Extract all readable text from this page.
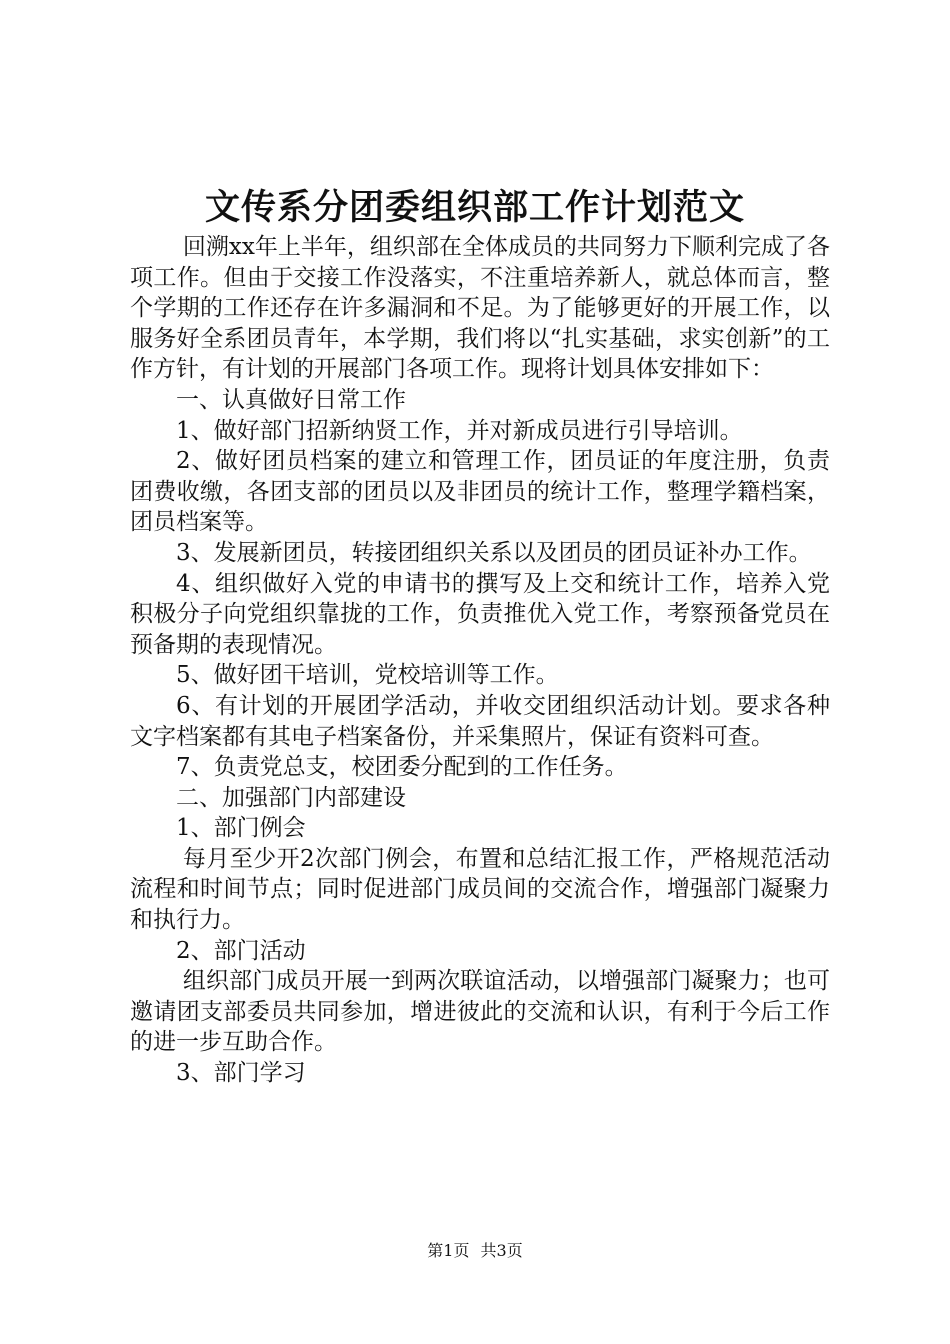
文传系分团委组织部工作计划范文

回溯xx年上半年，组织部在全体成员的共同努力下顺利完成了各项工作。但由于交接工作没落实，不注重培养新人，就总体而言，整个学期的工作还存在许多漏洞和不足。为了能够更好的开展工作，以服务好全系团员青年，本学期，我们将以“扎实基础，求实创新”的工作方针，有计划的开展部门各项工作。现将计划具体安排如下：

一、认真做好日常工作

1、做好部门招新纳贤工作，并对新成员进行引导培训。

2、做好团员档案的建立和管理工作，团员证的年度注册，负责团费收缴，各团支部的团员以及非团员的统计工作，整理学籍档案，团员档案等。

3、发展新团员，转接团组织关系以及团员的团员证补办工作。

4、组织做好入党的申请书的撰写及上交和统计工作，培养入党积极分子向党组织靠拢的工作，负责推优入党工作，考察预备党员在预备期的表现情况。

5、做好团干培训，党校培训等工作。

6、有计划的开展团学活动，并收交团组织活动计划。要求各种文字档案都有其电子档案备份，并采集照片，保证有资料可查。

7、负责党总支，校团委分配到的工作任务。

二、加强部门内部建设

1、部门例会

每月至少开2次部门例会，布置和总结汇报工作，严格规范活动流程和时间节点；同时促进部门成员间的交流合作，增强部门凝聚力和执行力。

2、部门活动

组织部门成员开展一到两次联谊活动，以增强部门凝聚力；也可邀请团支部委员共同参加，增进彼此的交流和认识，有利于今后工作的进一步互助合作。

3、部门学习

第1页 共3页
